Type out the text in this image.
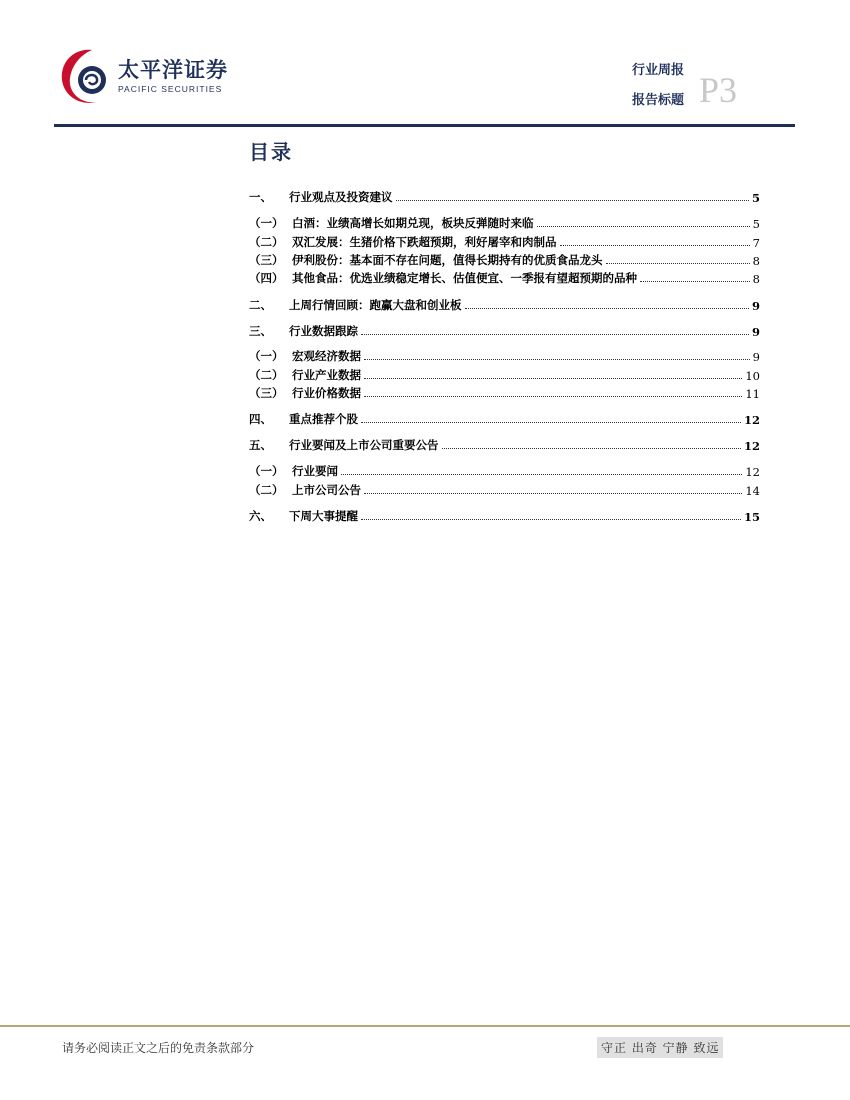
太平洋证券
PACIFIC SECURITIES
行业周报
报告标题 P3
目录
一、	行业观点及投资建议	5
（一） 白酒：业绩高增长如期兑现，板块反弹随时来临	5
（二） 双汇发展：生猪价格下跌超预期，利好屠宰和肉制品	7
（三） 伊利股份：基本面不存在问题，值得长期持有的优质食品龙头	8
（四） 其他食品：优选业绩稳定增长、估值便宜、一季报有望超预期的品种	8
二、	上周行情回顾：跑赢大盘和创业板	9
三、	行业数据跟踪	9
（一） 宏观经济数据	9
（二） 行业产业数据	10
（三） 行业价格数据	11
四、	重点推荐个股	12
五、	行业要闻及上市公司重要公告	12
（一） 行业要闻	12
（二） 上市公司公告	14
六、	下周大事提醒	15
请务必阅读正文之后的免责条款部分	守正 出奇 宁静 致远
